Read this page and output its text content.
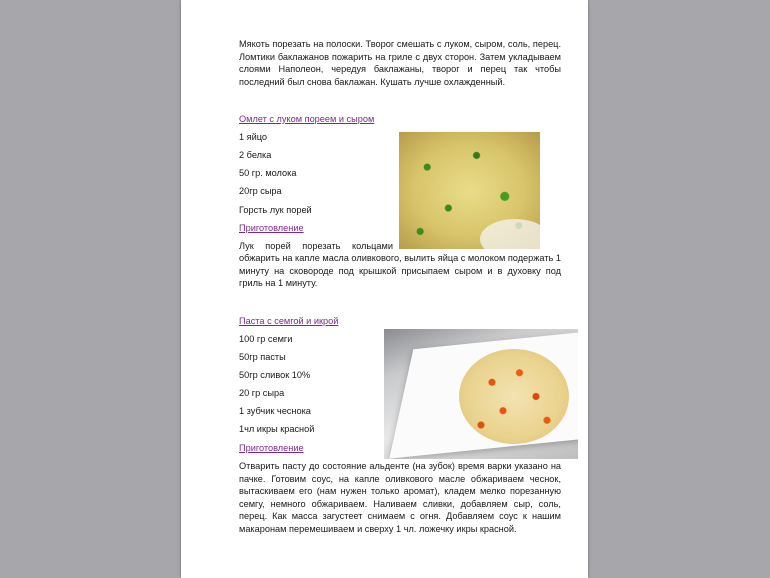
Мякоть порезать на полоски. Творог смешать с луком, сыром, соль, перец. Ломтики баклажанов пожарить на гриле с двух сторон. Затем укладываем слоями Наполеон, чередуя баклажаны, творог и перец так чтобы последний был снова баклажан. Кушать лучше охлажденный.
Омлет с луком пореем и сыром
1 яйцо
2 белка
50 гр. молока
20гр сыра
Горсть лук порей
Приготовление
Лук порей порезать кольцами
обжарить на капле масла оливкового, вылить яйца с молоком подержать 1 минуту на сковороде под крышкой присыпаем сыром и в духовку под гриль на 1 минуту.
Паста с семгой и икрой
100 гр семги
50гр пасты
50гр сливок 10%
20 гр сыра
1 зубчик чеснока
1чл икры красной
Приготовление
Отварить пасту до состояние альденте (на зубок) время варки указано на пачке. Готовим соус, на капле оливкового масле обжариваем чеснок, вытаскиваем его (нам нужен только аромат), кладем мелко порезанную семгу, немного обжариваем. Наливаем сливки, добавляем сыр, соль, перец. Как масса загустеет снимаем с огня. Добавляем соус к нашим макаронам перемешиваем и сверху 1 чл. ложечку икры красной.
